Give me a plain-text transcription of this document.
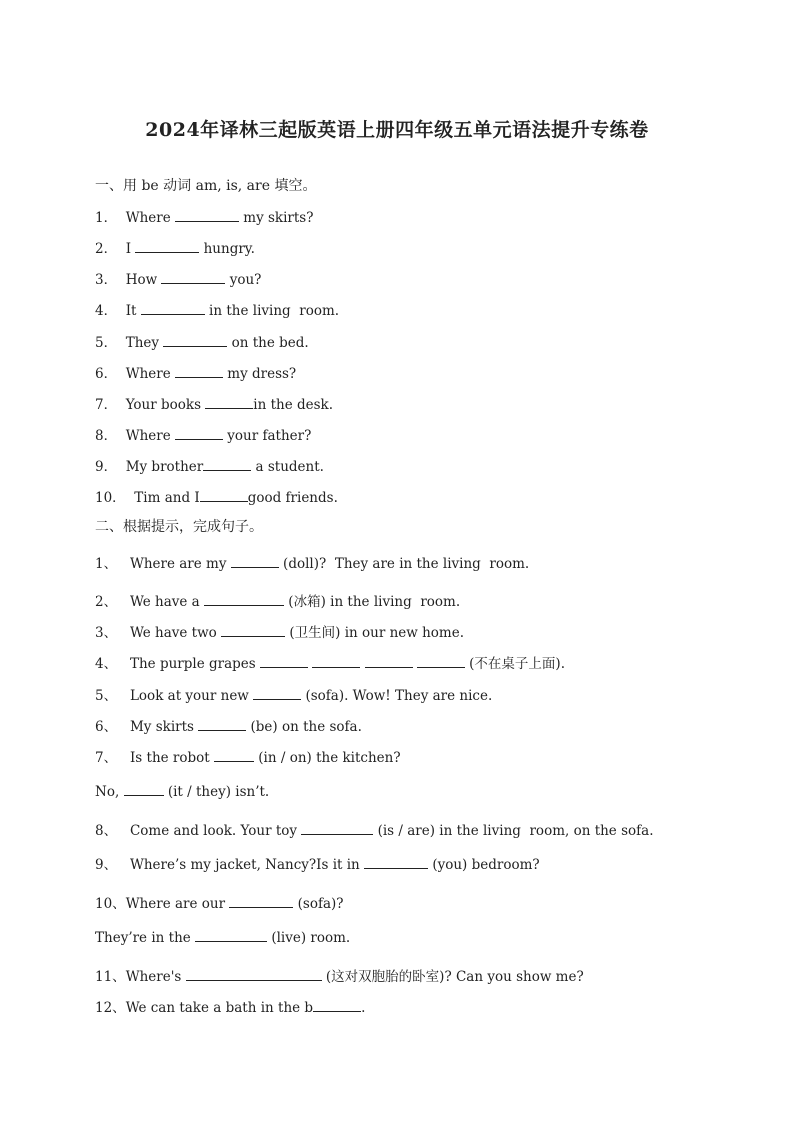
2024年译林三起版英语上册四年级五单元语法提升专练卷
一、用 be 动词 am, is, are 填空。
1． Where	my skirts?
2． I	hungry.
3． How	you?
4． It	in the living  room.
5． They	on the bed.
6． Where	my dress?
7． Your books	in the desk.
8． Where	your father?
9． My brother	a student.
10． Tim and I	good friends.
二、根据提示，完成句子。
1、 Where are my	(doll)?  They are in the living  room.
2、 We have a	(冰箱) in the living  room.
3、 We have two	(卫生间) in our new home.
4、 The purple grapes	(不在桌子上面).
5、 Look at your new	(sofa). Wow! They are nice.
6、 My skirts	(be) on the sofa.
7、 Is the robot	(in / on) the kitchen?
No,	(it / they) isn’t.
8、 Come and look. Your toy	(is / are) in the living  room, on the sofa.
9、 Where’s my jacket, Nancy?Is it in	(you) bedroom?
10、Where are our	(sofa)?
They’re in the	(live) room.
11、Where's	(这对双胞胎的卧室)? Can you show me?
12、We can take a bath in the b	.
